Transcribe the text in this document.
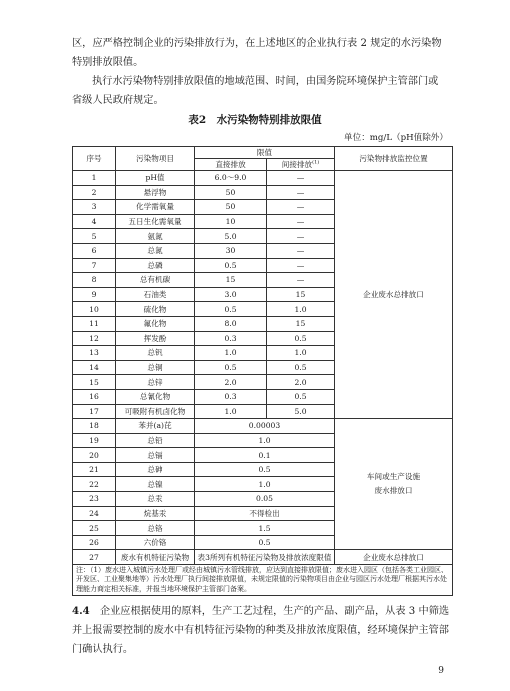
区，应严格控制企业的污染排放行为，在上述地区的企业执行表 2 规定的水污染物特别排放限值。

执行水污染物特别排放限值的地域范围、时间，由国务院环境保护主管部门或省级人民政府规定。

表2　水污染物特别排放限值
单位：mg/L（pH值除外）
序号	污染物项目	限值		污染物排放监控位置
		直接排放	间接排放$^{(1)}$
1	pH值	6.0～9.0	—	企业废水总排放口
2	悬浮物	50	—	
3	化学需氧量	50	—	
4	五日生化需氧量	10	—	
5	氨氮	5.0	—	
6	总氮	30	—	
7	总磷	0.5	—	
8	总有机碳	15	—	
9	石油类	3.0	15	
10	硫化物	0.5	1.0	
11	氟化物	8.0	15	
12	挥发酚	0.3	0.5	
13	总钒	1.0	1.0	
14	总铜	0.5	0.5	
15	总锌	2.0	2.0	
16	总氰化物	0.3	0.5	
17	可吸附有机卤化物	1.0	5.0	
18	苯并(a)芘	0.00003		车间或生产设施
废水排放口

19	总铅	1.0		
20	总镉	0.1		
21	总砷	0.5		
22	总镍	1.0		
23	总汞	0.05		
24	烷基汞	不得检出		
25	总铬	1.5		
26	六价铬	0.5		
27	废水有机特征污染物	表3所列有机特征污染物及排放浓度限值		企业废水总排放口
注：（1）废水进入城镇污水处理厂或经由城镇污水管线排放，应达到直接排放限值；废水进入园区（包括各类工业园区、开发区、工业聚集地等）污水处理厂执行间接排放限值，未规定限值的污染物项目由企业与园区污水处理厂根据其污水处理能力商定相关标准，并报当地环境保护主管部门备案。				

4.4　 企业应根据使用的原料，生产工艺过程，生产的产品、副产品，从表 3 中筛选并上报需要控制的废水中有机特征污染物的种类及排放浓度限值，经环境保护主管部门确认执行。

9
